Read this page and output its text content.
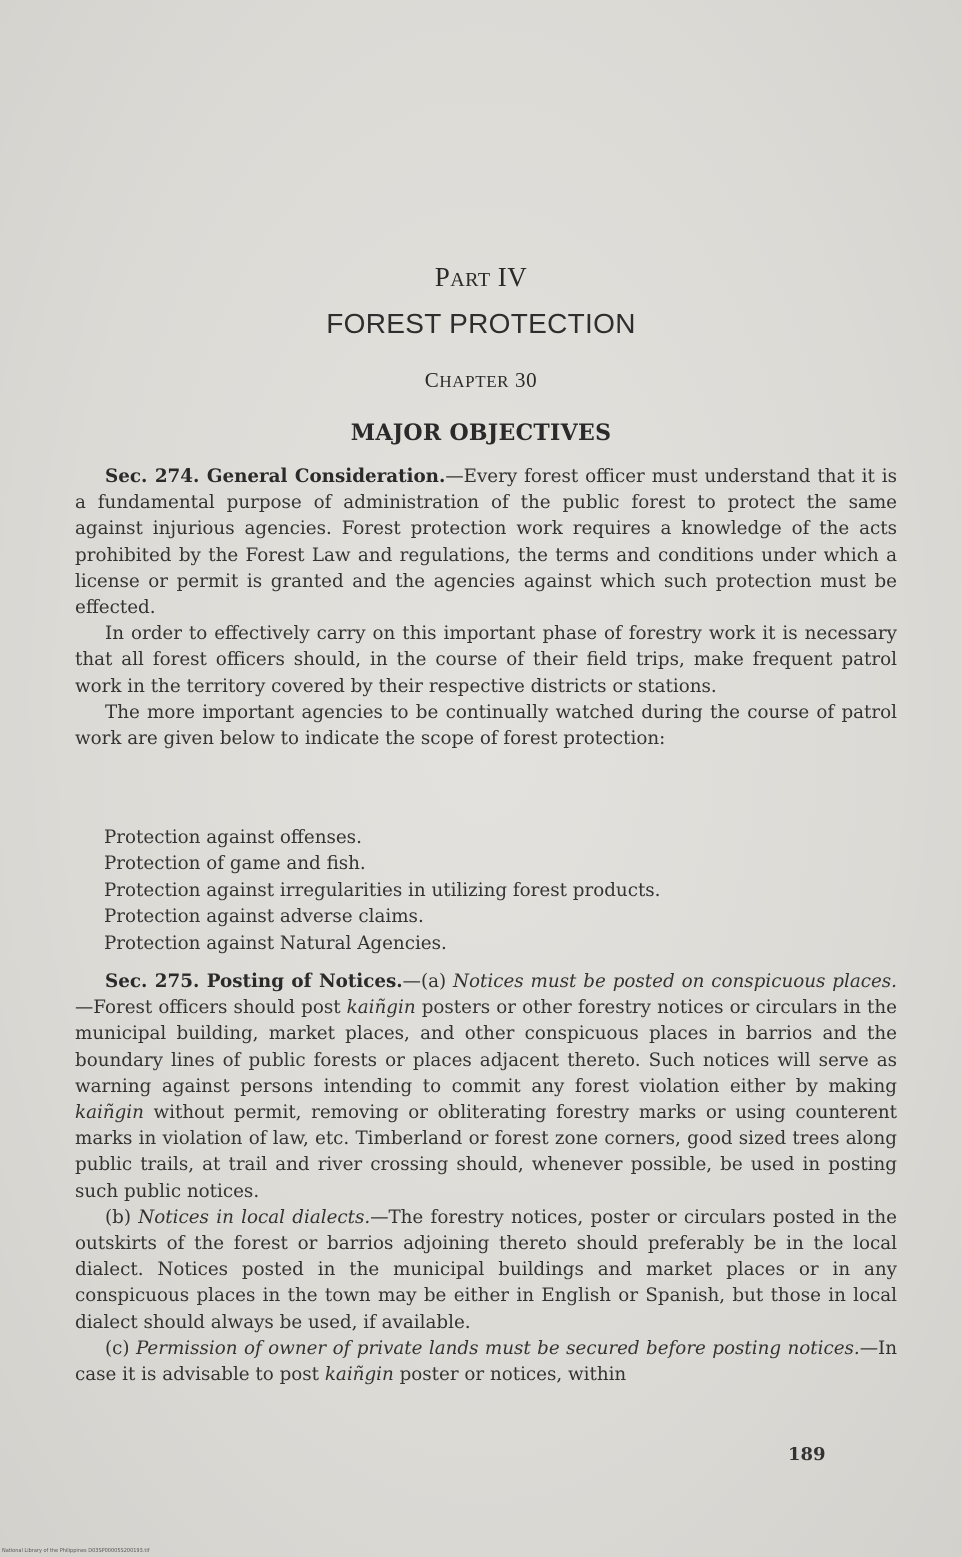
PART IV
FOREST PROTECTION
CHAPTER 30
MAJOR OBJECTIVES

Sec. 274. General Consideration.—Every forest officer must understand that it is a fundamental purpose of administration of the public forest to protect the same against injurious agencies. Forest protection work requires a knowledge of the acts prohibited by the Forest Law and regulations, the terms and conditions under which a license or permit is granted and the agencies against which such protection must be effected.

In order to effectively carry on this important phase of forestry work it is necessary that all forest officers should, in the course of their field trips, make frequent patrol work in the territory covered by their respective districts or stations.

The more important agencies to be continually watched during the course of patrol work are given below to indicate the scope of forest protection:

Protection against offenses.
Protection of game and fish.
Protection against irregularities in utilizing forest products.
Protection against adverse claims.
Protection against Natural Agencies.

Sec. 275. Posting of Notices.—(a) Notices must be posted on conspicuous places.—Forest officers should post kaiñgin posters or other forestry notices or circulars in the municipal building, market places, and other conspicuous places in barrios and the boundary lines of public forests or places adjacent thereto. Such notices will serve as warning against persons intending to commit any forest violation either by making kaiñgin without permit, removing or obliterating forestry marks or using counterent marks in violation of law, etc. Timberland or forest zone corners, good sized trees along public trails, at trail and river crossing should, whenever possible, be used in posting such public notices.

(b) Notices in local dialects.—The forestry notices, poster or circulars posted in the outskirts of the forest or barrios adjoining thereto should preferably be in the local dialect. Notices posted in the municipal buildings and market places or in any conspicuous places in the town may be either in English or Spanish, but those in local dialect should always be used, if available.

(c) Permission of owner of private lands must be secured before posting notices.—In case it is advisable to post kaiñgin poster or notices, within

189
National Library of the Philippines D03SP00005S200193.tif
